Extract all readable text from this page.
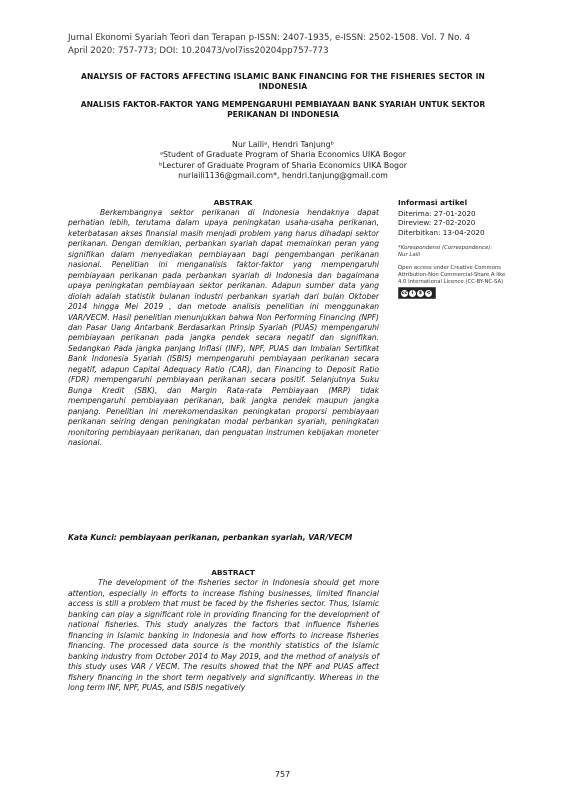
Jurnal Ekonomi Syariah Teori dan Terapan p-ISSN: 2407-1935, e-ISSN: 2502-1508. Vol. 7 No. 4
April 2020: 757-773; DOI: 10.20473/vol7iss20204pp757-773
ANALYSIS OF FACTORS AFFECTING ISLAMIC BANK FINANCING FOR THE FISHERIES SECTOR IN INDONESIA
ANALISIS FAKTOR-FAKTOR YANG MEMPENGARUHI PEMBIAYAAN BANK SYARIAH UNTUK SEKTOR PERIKANAN DI INDONESIA
Nur Lailiᵃ, Hendri Tanjungᵇ
ᵃStudent of Graduate Program of Sharia Economics UIKA Bogor
ᵇLecturer of Graduate Program of Sharia Economics UIKA Bogor
nurlaili1136@gmail.com*, hendri.tanjung@gmail.com
ABSTRAK
Berkembangnya sektor perikanan di Indonesia hendaknya dapat perhatian lebih, terutama dalam upaya peningkatan usaha-usaha perikanan, keterbatasan akses finansial masih menjadi problem yang harus dihadapi sektor perikanan. Dengan demikian, perbankan syariah dapat memainkan peran yang signifikan dalam menyediakan pembiayaan bagi pengembangan perikanan nasional. Penelitian ini menganalisis faktor-faktor yang mempengaruhi pembiayaan perikanan pada perbankan syariah di Indonesia dan bagaimana upaya peningkatan pembiayaan sektor perikanan. Adapun sumber data yang diolah adalah statistik bulanan industri perbankan syariah dari bulan Oktober 2014 hingga Mei 2019 , dan metode analisis penelitian ini menggunakan VAR/VECM. Hasil penelitian menunjukkan bahwa Non Performing Financing (NPF) dan Pasar Uang Antarbank Berdasarkan Prinsip Syariah (PUAS) mempengaruhi pembiayaan perikanan pada jangka pendek secara negatif dan signifikan. Sedangkan Pada jangka panjang Inflasi (INF), NPF, PUAS dan Imbalan Sertifikat Bank Indonesia Syariah (ISBIS) mempengaruhi pembiayaan perikanan secara negatif, adapun Capital Adequacy Ratio (CAR), dan Financing to Deposit Ratio (FDR) mempengaruhi pembiayaan perikanan secara positif. Selanjutnya Suku Bunga Kredit (SBK), dan Margin Rata-rata Pembiayaan (MRP) tidak mempengaruhi pembiayaan perikanan, baik jangka pendek maupun jangka panjang. Penelitian ini merekomendasikan peningkatan proporsi pembiayaan perikanan seiring dengan peningkatan modal perbankan syariah, peningkatan monitoring pembiayaan perikanan, dan penguatan instrumen kebijakan moneter nasional.
Kata Kunci: pembiayaan perikanan, perbankan syariah, VAR/VECM
ABSTRACT
The development of the fisheries sector in Indonesia should get more attention, especially in efforts to increase fishing businesses, limited financial access is still a problem that must be faced by the fisheries sector. Thus, Islamic banking can play a significant role in providing financing for the development of national fisheries. This study analyzes the factors that influence fisheries financing in Islamic banking in Indonesia and how efforts to increase fisheries financing. The processed data source is the monthly statistics of the Islamic banking industry from October 2014 to May 2019, and the method of analysis of this study uses VAR / VECM. The results showed that the NPF and PUAS affect fishery financing in the short term negatively and significantly. Whereas in the long term INF, NPF, PUAS, and ISBIS negatively
Informasi artikel
Diterima: 27-01-2020
Direview: 27-02-2020
Diterbitkan: 13-04-2020
*Korespondensi (Correspondence):
Nur Laili
Open access under Creative Commons Attribution-Non Commercial-Share A like 4.0 International Licence (CC-BY-NC-SA)
cc	i	$	⟲
757
